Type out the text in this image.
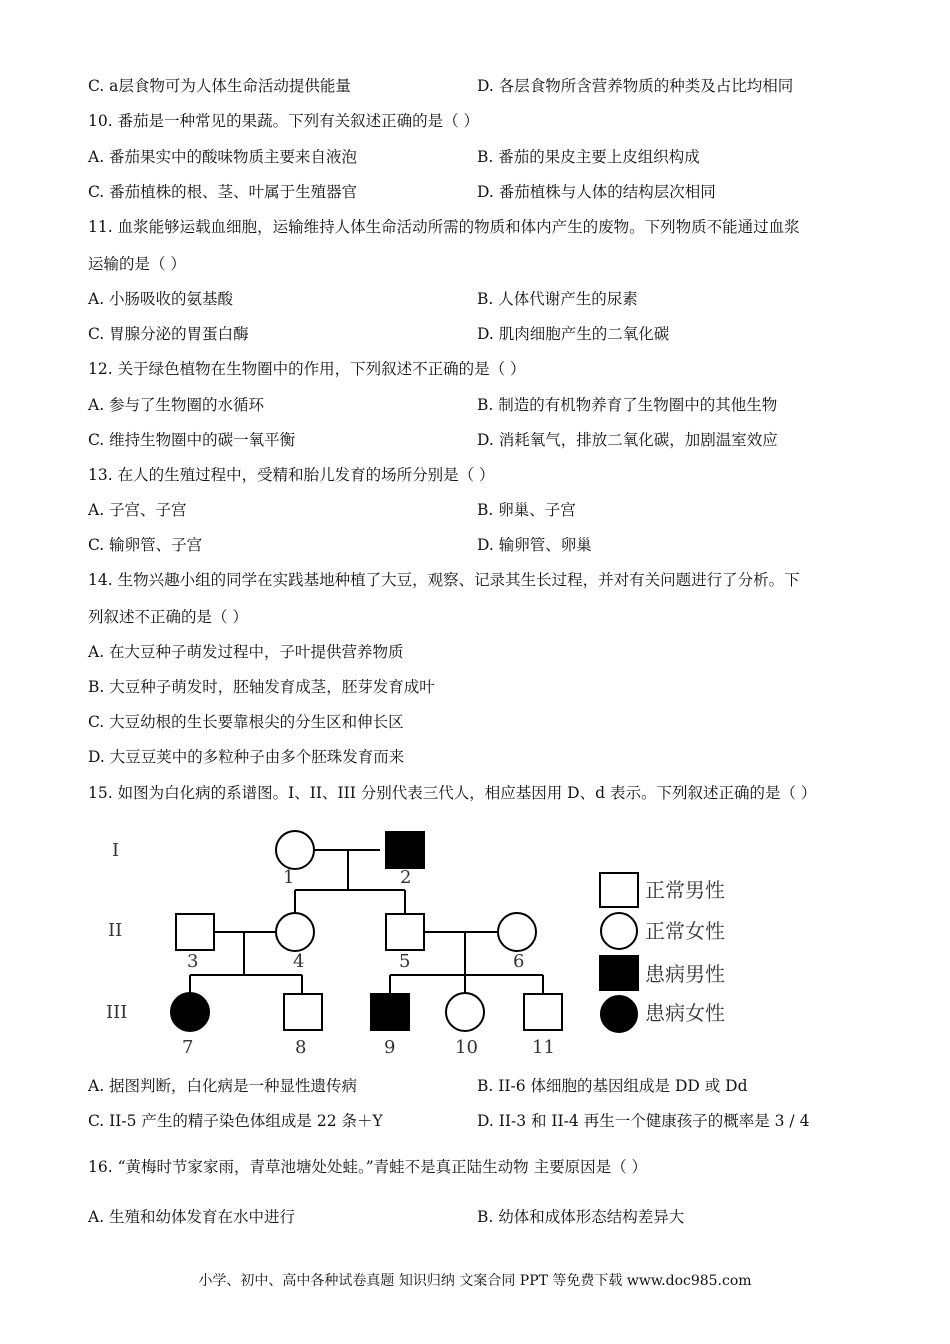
C. a层食物可为人体生命活动提供能量	D. 各层食物所含营养物质的种类及占比均相同
10. 番茄是一种常见的果蔬。下列有关叙述正确的是（ ）
A. 番茄果实中的酸味物质主要来自液泡	B. 番茄的果皮主要上皮组织构成
C. 番茄植株的根、茎、叶属于生殖器官	D. 番茄植株与人体的结构层次相同
11. 血浆能够运载血细胞，运输维持人体生命活动所需的物质和体内产生的废物。下列物质不能通过血浆
运输的是（ ）
A. 小肠吸收的氨基酸	B. 人体代谢产生的尿素
C. 胃腺分泌的胃蛋白酶	D. 肌肉细胞产生的二氧化碳
12. 关于绿色植物在生物圈中的作用，下列叙述不正确的是（ ）
A. 参与了生物圈的水循环	B. 制造的有机物养育了生物圈中的其他生物
C. 维持生物圈中的碳一氧平衡	D. 消耗氧气，排放二氧化碳，加剧温室效应
13. 在人的生殖过程中，受精和胎儿发育的场所分别是（ ）
A. 子宫、子宫	B. 卵巢、子宫
C. 输卵管、子宫	D. 输卵管、卵巢
14. 生物兴趣小组的同学在实践基地种植了大豆，观察、记录其生长过程，并对有关问题进行了分析。下
列叙述不正确的是（ ）
A. 在大豆种子萌发过程中，子叶提供营养物质
B. 大豆种子萌发时，胚轴发育成茎，胚芽发育成叶
C. 大豆幼根的生长要靠根尖的分生区和伸长区
D. 大豆豆荚中的多粒种子由多个胚珠发育而来
15. 如图为白化病的系谱图。I、II、III 分别代表三代人，相应基因用 D、d 表示。下列叙述正确的是（ ）
A. 据图判断，白化病是一种显性遗传病	B. II-6 体细胞的基因组成是 DD 或 Dd
C. II-5 产生的精子染色体组成是 22 条＋Y	D. II-3 和 II-4 再生一个健康孩子的概率是 3 / 4
16. “黄梅时节家家雨，青草池塘处处蛙。”青蛙不是真正陆生动物 主要原因是（ ）
A. 生殖和幼体发育在水中进行	B. 幼体和成体形态结构差异大
I
II
III
1	2
3	4	5	6
7	8	9	10	11
正常男性
正常女性
患病男性
患病女性
小学、初中、高中各种试卷真题 知识归纳 文案合同 PPT 等免费下载 www.doc985.com
